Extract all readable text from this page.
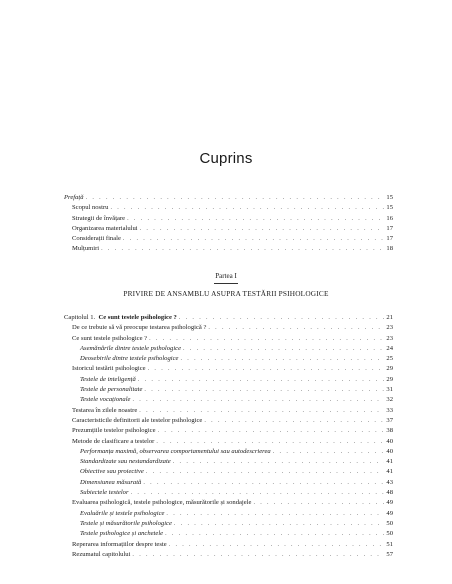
Cuprins
Prefață . . .	15
Scopul nostru . . .	15
Strategii de învățare . . .	16
Organizarea materialului . . .	17
Considerații finale . . .	17
Mulțumiri . . .	18
Partea I
PRIVIRE DE ANSAMBLU ASUPRA TESTĂRII PSIHOLOGICE
Capitolul 1.  Ce sunt testele psihologice ? . . .	21
De ce trebuie să vă preocupe testarea psihologică ? . . .	23
Ce sunt testele psihologice ? . . .	23
Asemănările dintre testele psihologice . . .	24
Deosebirile dintre testele psihologice . . .	25
Istoricul testării psihologice . . .	29
Testele de inteligență . . .	29
Testele de personalitate . . .	31
Testele vocaționale . . .	32
Testarea în zilele noastre . . .	33
Caracteristicile definitorii ale testelor psihologice . . .	37
Prezumțiile testelor psihologice . . .	38
Metode de clasificare a testelor . . .	40
Performanța maximă, observarea comportamentului sau autodescrierea . . .	40
Standardizate sau nestandardizate . . .	41
Obiective sau proiective . . .	41
Dimensiunea măsurată . . .	43
Subiectele testelor . . .	48
Evaluarea psihologică, testele psihologice, măsurătorile și sondajele . . .	49
Evaluările și testele psihologice . . .	49
Testele și măsurătorile psihologice . . .	50
Testele psihologice și anchetele . . .	50
Reperarea informațiilor despre teste . . .	51
Rezumatul capitolului . . .	57
